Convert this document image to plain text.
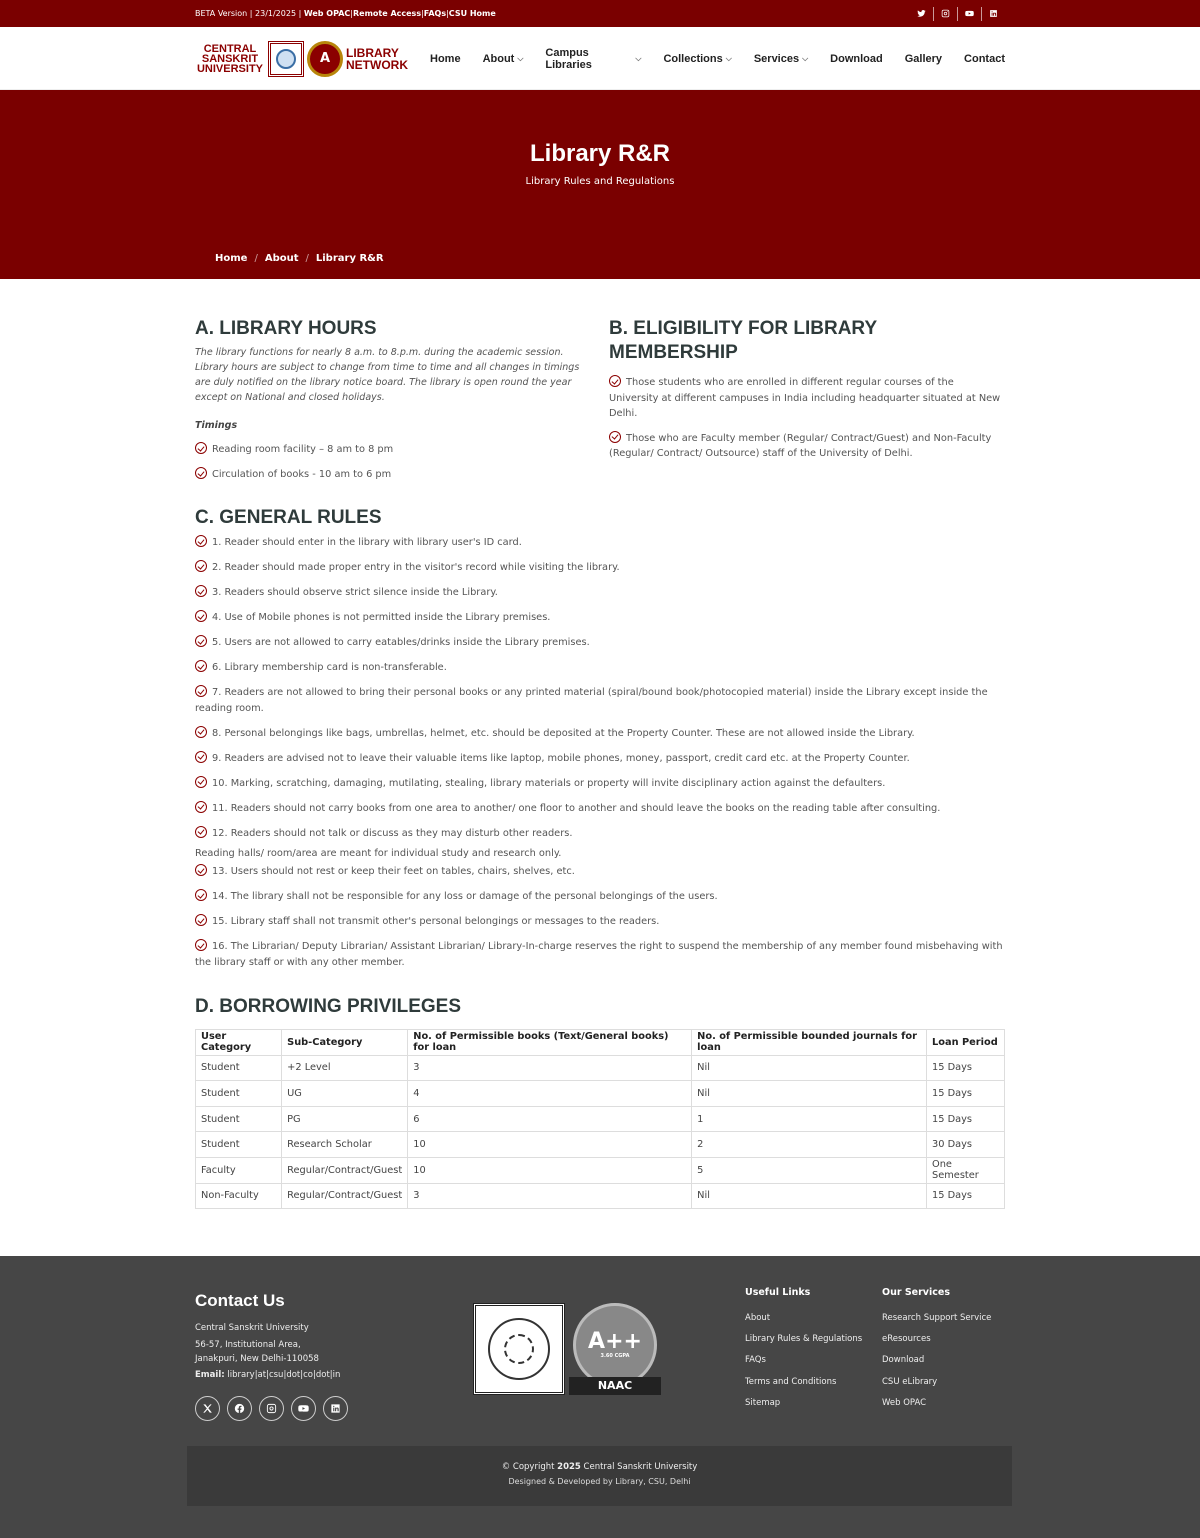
BETA Version | 23/1/2025 | Web OPAC|Remote Access|FAQs|CSU Home
CENTRAL
SANSKRIT
UNIVERSITY
A	LIBRARY
NETWORK Home About ⌵ Campus Libraries
⌵ Collections ⌵ Services ⌵ Download Gallery Contact
Library R&R
Library Rules and Regulations
Home / About / Library R&R
A. LIBRARY HOURS

The library functions for nearly 8 a.m. to 8.p.m. during the academic session. Library hours are subject to change from time to time and all changes in timings are duly notified on the library notice board. The library is open round the year except on National and closed holidays.

Timings

Reading room facility – 8 am to 8 pm
Circulation of books - 10 am to 6 pm
B. ELIGIBILITY FOR LIBRARY
MEMBERSHIP
Those students who are enrolled in different regular courses of the University at different campuses in India including headquarter situated at New Delhi.
Those who are Faculty member (Regular/ Contract/Guest) and Non-Faculty (Regular/ Contract/ Outsource) staff of the University of Delhi.
C. GENERAL RULES
1. Reader should enter in the library with library user's ID card.
2. Reader should made proper entry in the visitor's record while visiting the library.
3. Readers should observe strict silence inside the Library.
4. Use of Mobile phones is not permitted inside the Library premises.
5. Users are not allowed to carry eatables/drinks inside the Library premises.
6. Library membership card is non-transferable.
7. Readers are not allowed to bring their personal books or any printed material (spiral/bound book/photocopied material) inside the Library except inside the reading room.
8. Personal belongings like bags, umbrellas, helmet, etc. should be deposited at the Property Counter. These are not allowed inside the Library.
9. Readers are advised not to leave their valuable items like laptop, mobile phones, money, passport, credit card etc. at the Property Counter.
10. Marking, scratching, damaging, mutilating, stealing, library materials or property will invite disciplinary action against the defaulters.
11. Readers should not carry books from one area to another/ one floor to another and should leave the books on the reading table after consulting.
12. Readers should not talk or discuss as they may disturb other readers.
Reading halls/ room/area are meant for individual study and research only.
13. Users should not rest or keep their feet on tables, chairs, shelves, etc.
14. The library shall not be responsible for any loss or damage of the personal belongings of the users.
15. Library staff shall not transmit other's personal belongings or messages to the readers.
16. The Librarian/ Deputy Librarian/ Assistant Librarian/ Library-In-charge reserves the right to suspend the membership of any member found misbehaving with the library staff or with any other member.
D. BORROWING PRIVILEGES
User Category	Sub-Category	No. of Permissible books (Text/General books) for loan	No. of Permissible bounded journals for loan	Loan Period
Student	+2 Level	3	Nil	15 Days
Student	UG	4	Nil	15 Days
Student	PG	6	1	15 Days
Student	Research Scholar	10	2	30 Days
Faculty	Regular/Contract/Guest	10	5	One Semester
Non-Faculty	Regular/Contract/Guest	3	Nil	15 Days
Contact Us

Central Sanskrit University

56-57, Institutional Area,

Janakpuri, New Delhi-110058

Email: library|at|csu|dot|co|dot|in

A++
3.60 CGPA
NAAC
Useful Links
About
Library Rules & Regulations
FAQs
Terms and Conditions
Sitemap
Our Services
Research Support Service
eResources
Download
CSU eLibrary
Web OPAC
© Copyright 2025 Central Sanskrit University
Designed & Developed by Library, CSU, Delhi
